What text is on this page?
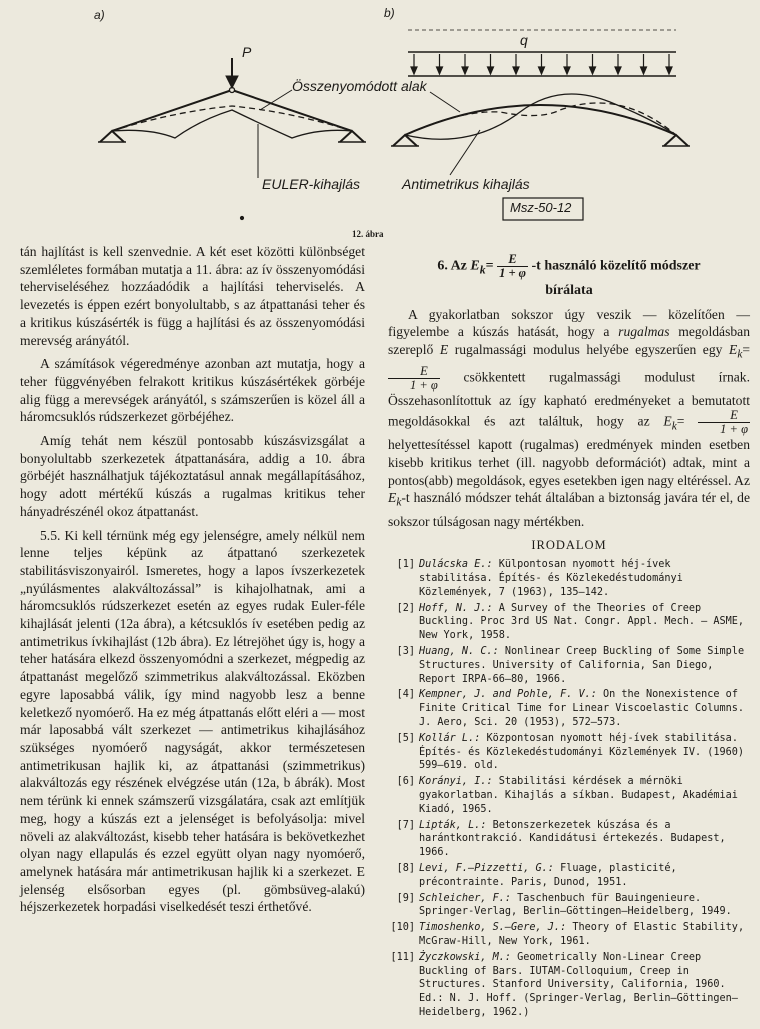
a)	b)
P
q
Összenyomódott alak
EULER-kihajlás	Antimetrikus kihajlás
Msz-50-12
12. ábra

tán hajlítást is kell szenvednie. A két eset közötti különbséget szemléletes formában mutatja a 11. ábra: az ív összenyomódási teherviseléséhez hozzáadódik a hajlítási teherviselés. A levezetés is éppen ezért bonyolultabb, s az átpattanási teher és a kritikus kúszásérték is függ a hajlítási és az összenyomódási merevség arányától.

A számítások végeredménye azonban azt mutatja, hogy a teher függvényében felrakott kritikus kúszásértékek görbéje alig függ a merevségek arányától, s számszerűen is közel áll a háromcsuklós rúdszerkezet görbéjéhez.

Amíg tehát nem készül pontosabb kúszásvizsgálat a bonyolultabb szerkezetek átpattanására, addig a 10. ábra görbéjét használhatjuk tájékoztatásul annak megállapításához, hogy adott mértékű kúszás a rugalmas kritikus teher hányadrészénél okoz átpattanást.

5.5. Ki kell térnünk még egy jelenségre, amely nélkül nem lenne teljes képünk az átpattanó szerkezetek stabilitásviszonyairól. Ismeretes, hogy a lapos ívszerkezetek „nyúlásmentes alakváltozással” is kihajolhatnak, ami a háromcsuklós rúdszerkezet esetén az egyes rudak Euler-féle kihajlását jelenti (12a ábra), a kétcsuklós ív esetében pedig az antimetrikus ívkihajlást (12b ábra). Ez létrejöhet úgy is, hogy a teher hatására elkezd összenyomódni a szerkezet, mégpedig az átpattanást megelőző szimmetrikus alakváltozással. Eközben egyre laposabbá válik, így mind nagyobb lesz a benne keletkező nyomóerő. Ha ez még átpattanás előtt eléri a — most már laposabbá vált szerkezet — antimetrikus kihajlásához szükséges nyomóerő nagyságát, akkor természetesen antimetrikusan hajlik ki, az átpattanási (szimmetrikus) alakváltozás egy részének elvégzése után (12a, b ábrák). Most nem térünk ki ennek számszerű vizsgálatára, csak azt említjük meg, hogy a kúszás ezt a jelenséget is befolyásolja: mivel növeli az alakváltozást, kisebb teher hatására is bekövetkezhet olyan nagy ellapulás és ezzel együtt olyan nagy nyomóerő, amelynek hatására már antimetrikusan hajlik ki a szerkezet. E jelenség elsősorban egyes (pl. gömbsüveg-alakú) héjszerkezetek horpadási viselkedését teszi érthetővé.

6. Az $E_k= \frac{E}{1 + \varphi} -t$ használó közelítő módszer
bírálata

A gyakorlatban sokszor úgy veszik — közelítően — figyelembe a kúszás hatását, hogy a rugalmas megoldásban szereplő E rugalmassági modulus helyébe egyszerűen egy $E_k=$
$\frac{E}{1 + \varphi}$ csökkentett rugalmassági modulust írnak. Összehasonlítottuk az így kapható eredményeket a bemutatott megoldásokkal és azt találtuk, hogy az $E_k= \frac{E}{1 + \varphi}$
helyettesítéssel kapott (rugalmas) eredmények minden esetben kisebb kritikus terhet (ill. nagyobb deformációt) adtak, mint a pontos(abb) megoldások, egyes esetekben igen nagy eltéréssel. Az $E_k-t$ használó módszer tehát általában a biztonság javára tér el, de sokszor túlságosan nagy mértékben.

IRODALOM
[1] Dulácska E.: Külpontosan nyomott héj-ívek stabilitása. Építés- és Közlekedéstudományi Közlemények, 7 (1963), 135—142.
[2] Hoff, N. J.: A Survey of the Theories of Creep Buckling. Proc 3rd US Nat. Congr. Appl. Mech. — ASME, New York, 1958.
[3] Huang, N. C.: Nonlinear Creep Buckling of Some Simple Structures. University of California, San Diego, Report IRPA-66—80, 1966.
[4] Kempner, J. and Pohle, F. V.: On the Nonexistence of Finite Critical Time for Linear Viscoelastic Columns. J. Aero, Sci. 20 (1953), 572—573.
[5] Kollár L.: Központosan nyomott héj-ívek stabilitása. Építés- és Közlekedéstudományi Közlemények IV. (1960) 599—619. old.
[6] Korányi, I.: Stabilitási kérdések a mérnöki gyakorlatban. Kihajlás a síkban. Budapest, Akadémiai Kiadó, 1965.
[7] Lipták, L.: Betonszerkezetek kúszása és a harántkontrakció. Kandidátusi értekezés. Budapest, 1966.
[8] Levi, F.—Pizzetti, G.: Fluage, plasticité, précontrainte. Paris, Dunod, 1951.
[9] Schleicher, F.: Taschenbuch für Bauingenieure. Springer-Verlag, Berlin—Göttingen—Heidelberg, 1949.
[10] Timoshenko, S.—Gere, J.: Theory of Elastic Stability, McGraw-Hill, New York, 1961.
[11] Życzkowski, M.: Geometrically Non-Linear Creep Buckling of Bars. IUTAM-Colloquium, Creep in Structures. Stanford University, California, 1960. Ed.: N. J. Hoff. (Springer-Verlag, Berlin—Göttingen—Heidelberg, 1962.)
